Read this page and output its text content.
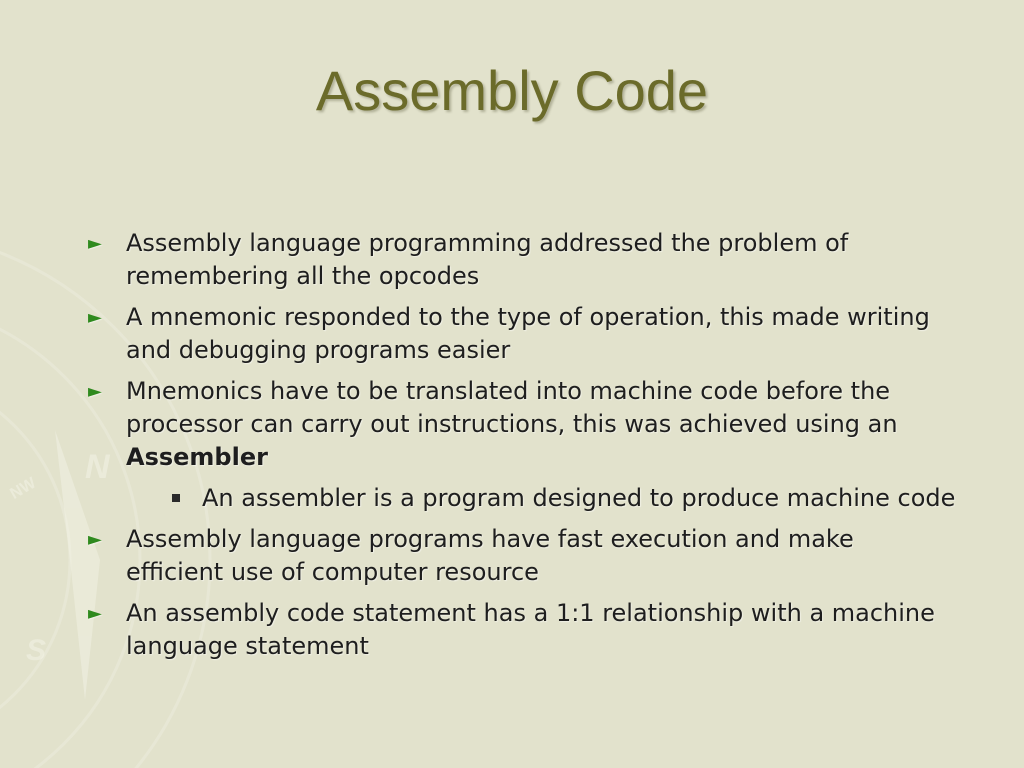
N
S
NW
Assembly Code
► Assembly language programming addressed the problem of remembering all the opcodes
► A mnemonic responded to the type of operation, this made writing and debugging programs easier
► Mnemonics have to be translated into machine code before the processor can carry out instructions, this was achieved using an Assembler
An assembler is a program designed to produce machine code
► Assembly language programs have fast execution and make efficient use of computer resource
► An assembly code statement has a 1:1 relationship with a machine language statement
